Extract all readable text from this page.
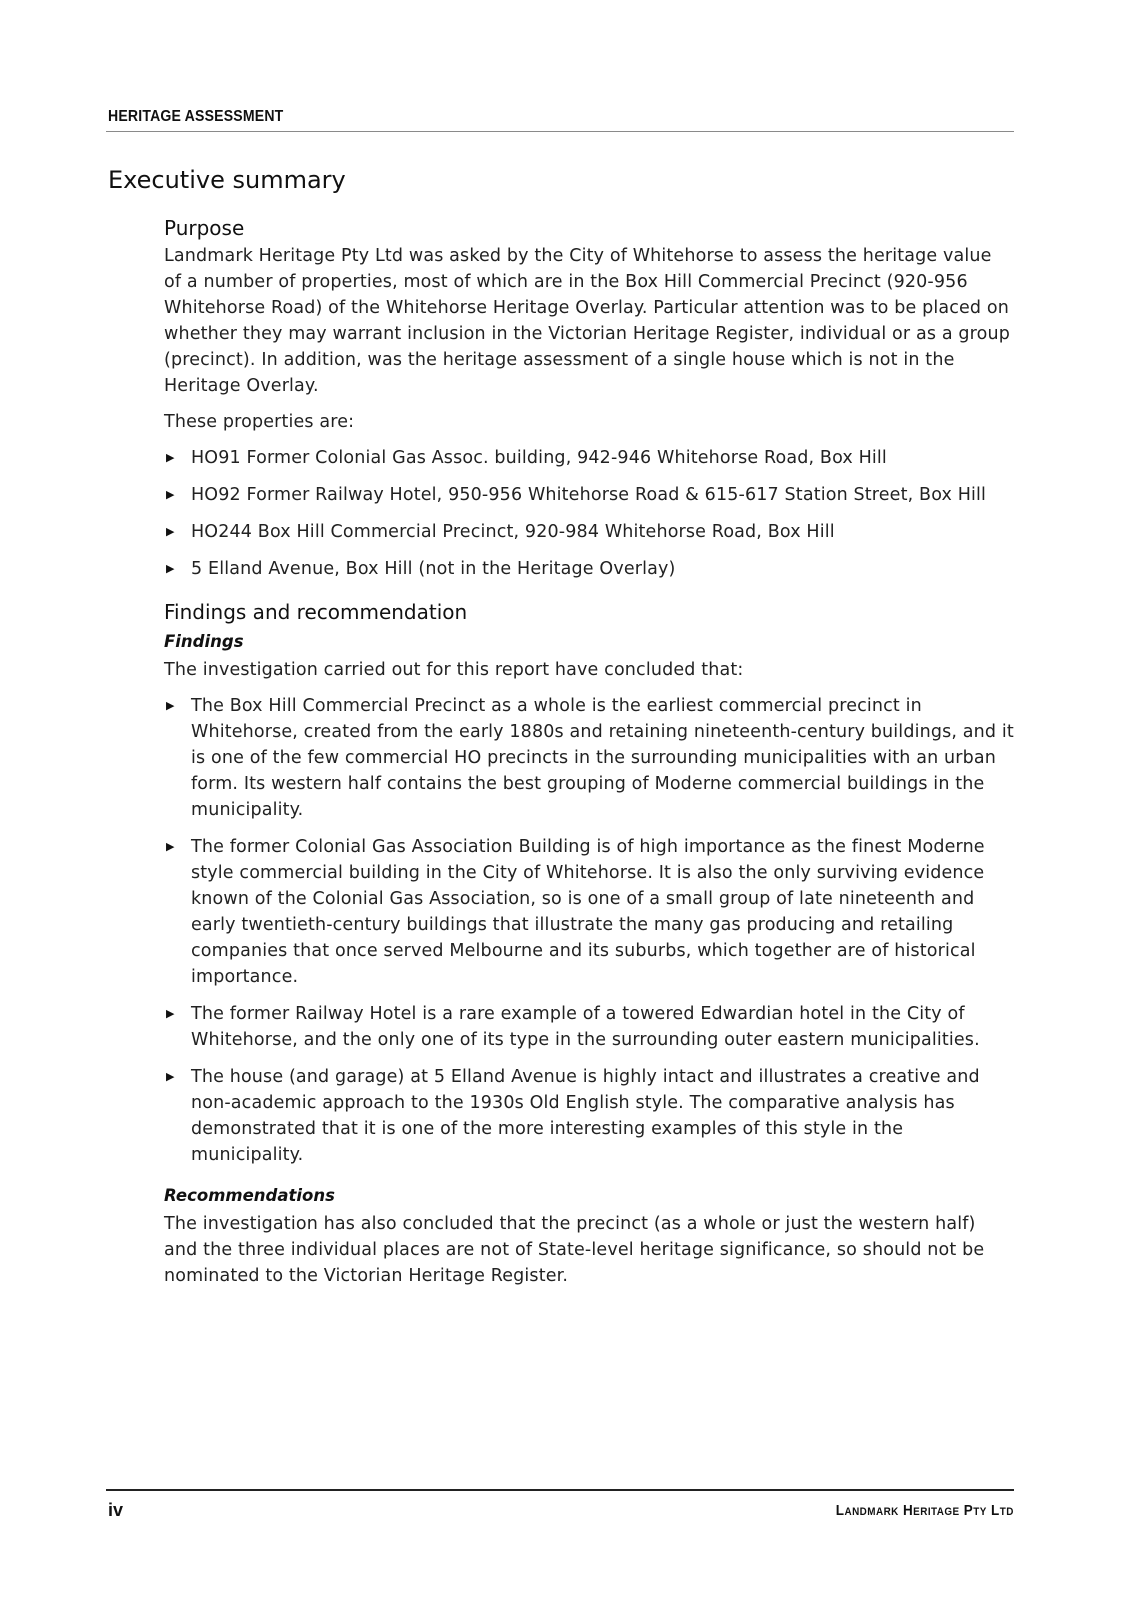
HERITAGE ASSESSMENT
Executive summary
Purpose

Landmark Heritage Pty Ltd was asked by the City of Whitehorse to assess the heritage value of a number of properties, most of which are in the Box Hill Commercial Precinct (920-956 Whitehorse Road) of the Whitehorse Heritage Overlay. Particular attention was to be placed on whether they may warrant inclusion in the Victorian Heritage Register, individual or as a group (precinct). In addition, was the heritage assessment of a single house which is not in the Heritage Overlay.

These properties are:

▶ HO91 Former Colonial Gas Assoc. building, 942-946 Whitehorse Road, Box Hill
▶ HO92 Former Railway Hotel, 950-956 Whitehorse Road & 615-617 Station Street, Box Hill
▶ HO244 Box Hill Commercial Precinct, 920-984 Whitehorse Road, Box Hill
▶ 5 Elland Avenue, Box Hill (not in the Heritage Overlay)
Findings and recommendation
Findings

The investigation carried out for this report have concluded that:

▶ The Box Hill Commercial Precinct as a whole is the earliest commercial precinct in Whitehorse, created from the early 1880s and retaining nineteenth-century buildings, and it is one of the few commercial HO precincts in the surrounding municipalities with an urban form. Its western half contains the best grouping of Moderne commercial buildings in the municipality.
▶ The former Colonial Gas Association Building is of high importance as the finest Moderne style commercial building in the City of Whitehorse. It is also the only surviving evidence known of the Colonial Gas Association, so is one of a small group of late nineteenth and early twentieth-century buildings that illustrate the many gas producing and retailing companies that once served Melbourne and its suburbs, which together are of historical importance.
▶ The former Railway Hotel is a rare example of a towered Edwardian hotel in the City of Whitehorse, and the only one of its type in the surrounding outer eastern municipalities.
▶ The house (and garage) at 5 Elland Avenue is highly intact and illustrates a creative and non-academic approach to the 1930s Old English style. The comparative analysis has demonstrated that it is one of the more interesting examples of this style in the municipality.
Recommendations

The investigation has also concluded that the precinct (as a whole or just the western half) and the three individual places are not of State-level heritage significance, so should not be nominated to the Victorian Heritage Register.

iv	Landmark Heritage Pty Ltd
